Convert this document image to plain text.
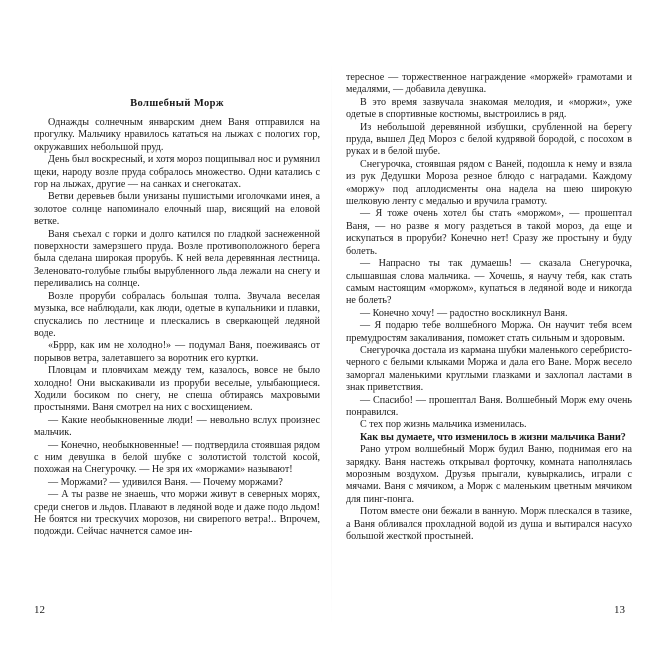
Волшебный Морж

Однажды солнечным январским днем Ваня отправился на прогулку. Мальчику нравилось кататься на лыжах с пологих гор, окружавших небольшой пруд.

День был воскресный, и хотя мороз пощипывал нос и румянил щеки, народу возле пруда собралось множество. Одни катались с гор на лыжах, другие — на санках и снегокатах.

Ветви деревьев были унизаны пушистыми иголочками инея, а золотое солнце напоминало елочный шар, висящий на еловой ветке.

Ваня съехал с горки и долго катился по гладкой заснеженной поверхности замерзшего пруда. Возле противоположного берега была сделана широкая прорубь. К ней вела деревянная лестница. Зеленовато-голубые глыбы вырубленного льда лежали на снегу и переливались на солнце.

Возле проруби собралась большая толпа. Звучала веселая музыка, все наблюдали, как люди, одетые в купальники и плавки, спускались по лестнице и плескались в сверкающей ледяной воде.

«Бррр, как им не холодно!» — подумал Ваня, поеживаясь от порывов ветра, залетавшего за воротник его куртки.

Пловцам и пловчихам между тем, казалось, вовсе не было холодно! Они выскакивали из проруби веселые, улыбающиеся. Ходили босиком по снегу, не спеша обтираясь махровыми простынями. Ваня смотрел на них с восхищением.

— Какие необыкновенные люди! — невольно вслух произнес мальчик.

— Конечно, необыкновенные! — подтвердила стоявшая рядом с ним девушка в белой шубке с золотистой толстой косой, похожая на Снегурочку. — Не зря их «моржами» называют!

— Моржами? — удивился Ваня. — Почему моржами?

— А ты разве не знаешь, что моржи живут в северных морях, среди снегов и льдов. Плавают в ледяной воде и даже подо льдом! Не боятся ни трескучих морозов, ни свирепого ветра!.. Впрочем, подожди. Сейчас начнется самое ин-

тересное — торжественное награждение «моржей» грамотами и медалями, — добавила девушка.

В это время зазвучала знакомая мелодия, и «моржи», уже одетые в спортивные костюмы, выстроились в ряд.

Из небольшой деревянной избушки, срубленной на берегу пруда, вышел Дед Мороз с белой кудрявой бородой, с посохом в руках и в белой шубе.

Снегурочка, стоявшая рядом с Ваней, подошла к нему и взяла из рук Дедушки Мороза резное блюдо с наградами. Каждому «моржу» под аплодисменты она надела на шею широкую шелковую ленту с медалью и вручила грамоту.

— Я тоже очень хотел бы стать «моржом», — прошептал Ваня, — но разве я могу раздеться в такой мороз, да еще и искупаться в проруби? Конечно нет! Сразу же простыну и буду болеть.

— Напрасно ты так думаешь! — сказала Снегурочка, слышавшая слова мальчика. — Хочешь, я научу тебя, как стать самым настоящим «моржом», купаться в ледяной воде и никогда не болеть?

— Конечно хочу! — радостно воскликнул Ваня.

— Я подарю тебе волшебного Моржа. Он научит тебя всем премудростям закаливания, поможет стать сильным и здоровым.

Снегурочка достала из кармана шубки маленького серебристо-черного с белыми клыками Моржа и дала его Ване. Морж весело заморгал маленькими круглыми глазками и захлопал ластами в знак приветствия.

— Спасибо! — прошептал Ваня. Волшебный Морж ему очень понравился.

С тех пор жизнь мальчика изменилась.

Как вы думаете, что изменилось в жизни мальчика Вани?

Рано утром волшебный Морж будил Ваню, поднимая его на зарядку. Ваня настежь открывал форточку, комната наполнялась морозным воздухом. Друзья прыгали, кувыркались, играли с мячами. Ваня с мячиком, а Морж с маленьким цветным мячиком для пинг-понга.

Потом вместе они бежали в ванную. Морж плескался в тазике, а Ваня обливался прохладной водой из душа и вытирался насухо большой жесткой простыней.

12	13
